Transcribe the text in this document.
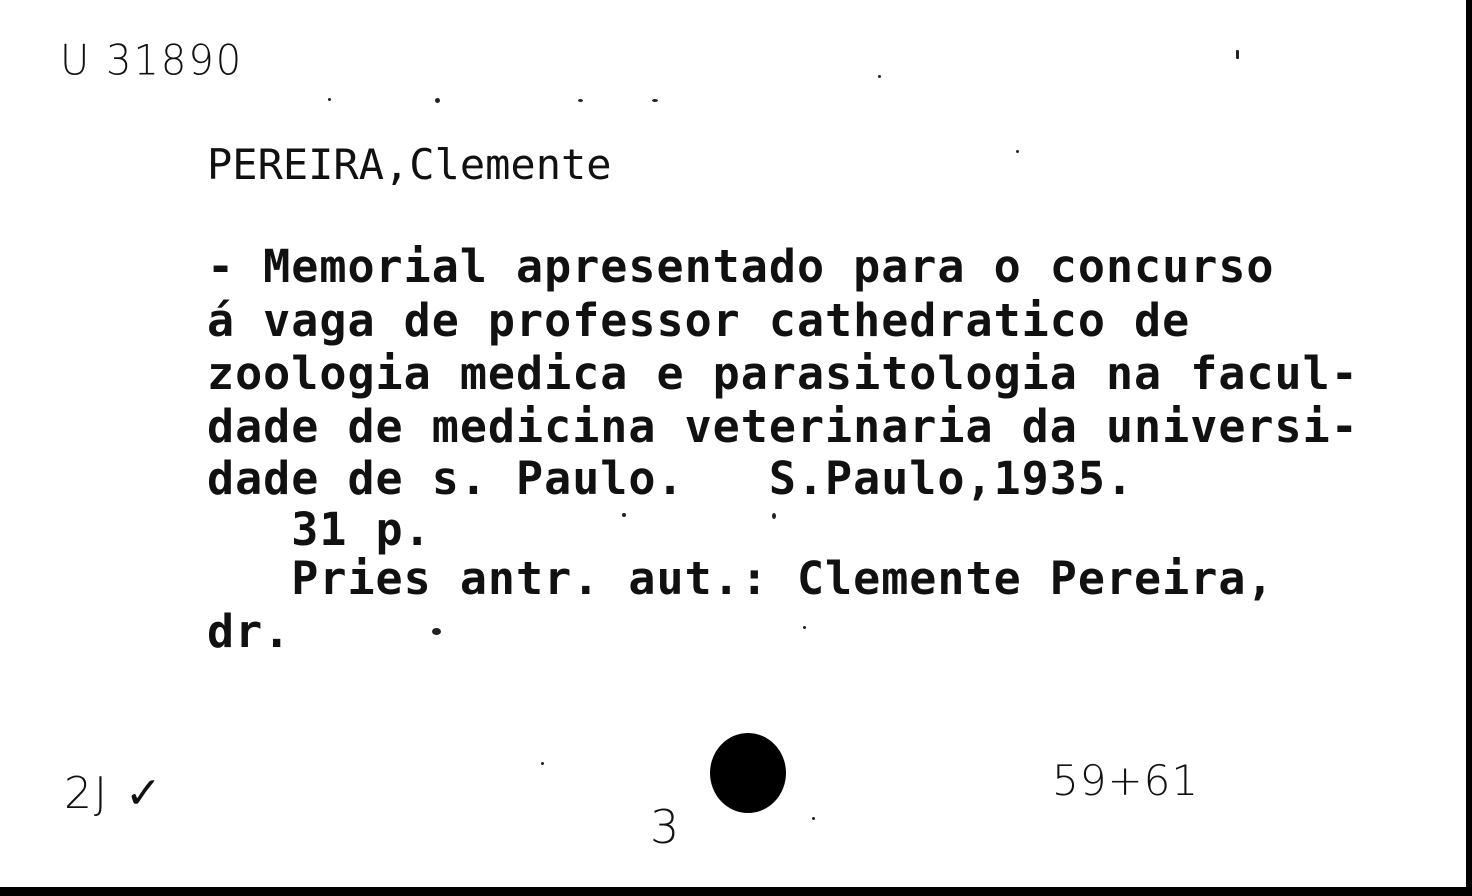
U 31890
PEREIRA,Clemente
- Memorial apresentado para o concurso
á vaga de professor cathedratico de
zoologia medica e parasitologia na facul-
dade de medicina veterinaria da universi-
dade de s. Paulo.   S.Paulo,1935.
31 p.
Pries antr. aut.: Clemente Pereira,
dr.
2J ✓
3
59+61
